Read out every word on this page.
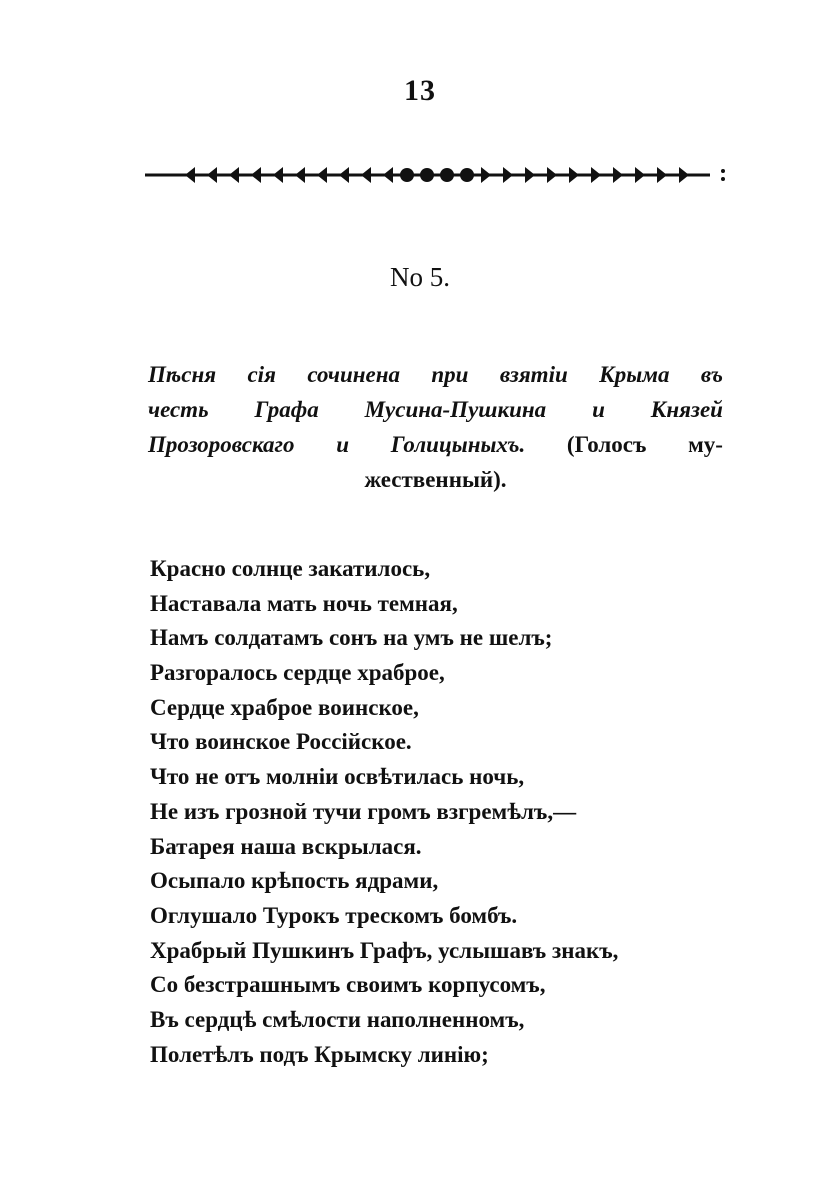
13
No 5.
Пѣсня сія сочинена при взятіи Крыма въ
честь Графа Мусина-Пушкина и Князей
Прозоровскаго и Голицыныхъ. (Голосъ му-
жественный).
Красно солнце закатилось,
Наставала мать ночь темная,
Намъ солдатамъ сонъ на умъ не шелъ;
Разгоралось сердце храброе,
Сердце храброе воинское,
Что воинское Россійское.
Что не отъ молніи освѣтилась ночь,
Не изъ грозной тучи громъ взгремѣлъ,—
Батарея наша вскрылася.
Осыпало крѣпость ядрами,
Оглушало Турокъ трескомъ бомбъ.
Храбрый Пушкинъ Графъ, услышавъ знакъ,
Со безстрашнымъ своимъ корпусомъ,
Въ сердцѣ смѣлости наполненномъ,
Полетѣлъ подъ Крымску линію;
